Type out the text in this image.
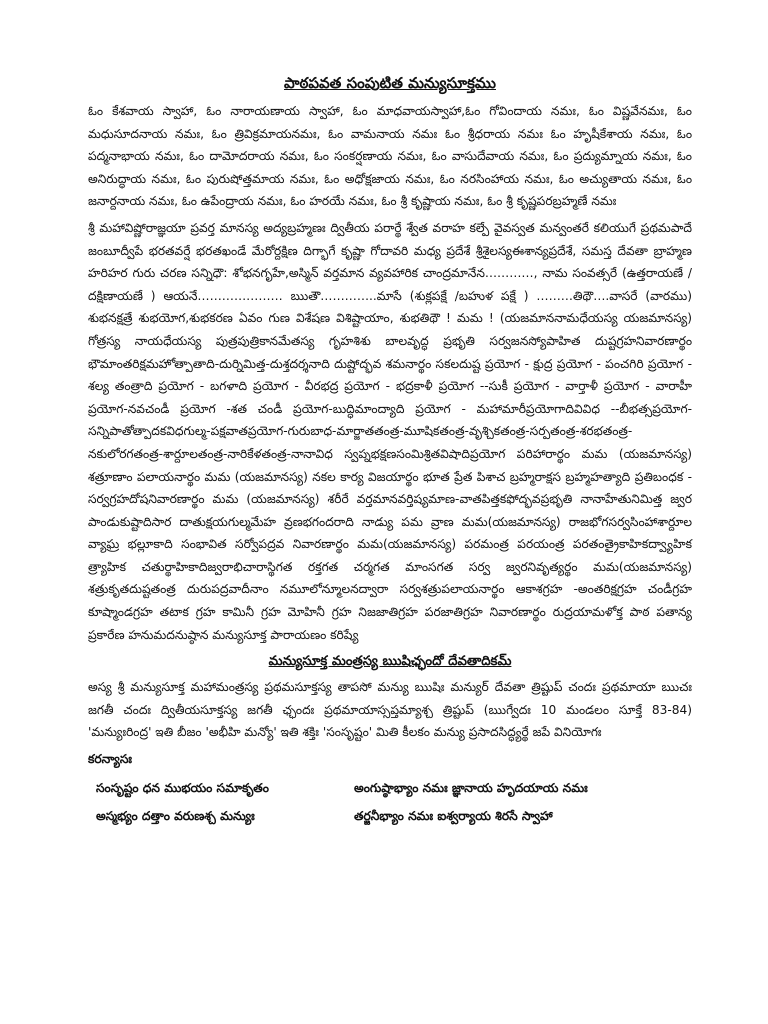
పాఠపవత సంపుటిత మన్యుసూక్తము

ఓం కేశవాయ స్వాహా, ఓం నారాయణాయ స్వాహా, ఓం మాధవాయస్వాహా,ఓం గోవిందాయ నమః, ఓం విష్ణవేనమః, ఓం మధుసూదనాయ నమః, ఓం త్రివిక్రమాయనమః, ఓం వామనాయ నమః ఓం శ్రీధరాయ నమః ఓం హృషీకేశాయ నమః, ఓం పద్మనాభాయ నమః, ఓం దామోదరాయ నమః, ఓం సంకర్షణాయ నమః, ఓం వాసుదేవాయ నమః, ఓం ప్రద్యుమ్నాయ నమః, ఓం అనిరుద్ధాయ నమః, ఓం పురుషోత్తమాయ నమః, ఓం అధోక్షజాయ నమః, ఓం నరసింహాయ నమః, ఓం అచ్యుతాయ నమః, ఓం జనార్దనాయ నమః, ఓం ఉపేంద్రాయ నమః, ఓం హరయే నమః, ఓం శ్రీ కృష్ణాయ నమః, ఓం శ్రీ కృష్ణపరబ్రహ్మణే నమః

శ్రీ మహావిష్ణోరాజ్ఞయా ప్రవర్త మానస్య అద్యబ్రహ్మణః ద్వితీయ పరార్థే శ్వేత వరాహ కల్పే వైవస్వత మన్వంతరే కలియుగే ప్రథమపాదే జంబూద్వీపే భరతవర్షే భరతఖండే మేరోర్దక్షిణ దిగ్భాగే కృష్ణా గోదావరి మధ్య ప్రదేశే శ్రీశైలస్యఈశాన్యప్రదేశే, సమస్త దేవతా బ్రాహ్మణ హరిహర గురు చరణ సన్నిధౌ: శోభనగృహే,అస్మిన్ వర్తమాన వ్యవహారిక చాంద్రమానేన…………, నామ సంవత్సరే (ఉత్తరాయణే / దక్షిణాయణే ) ఆయనే………………… ఋతౌ…………..మాసే (శుక్లపక్షే /బహుళ పక్షే ) ………తిథౌ….వాసరే (వారము) శుభనక్షత్రే శుభయోగ,శుభకరణ ఏవం గుణ విశేషణ విశిష్టాయాం, శుభతిథౌ ! మమ ! (యజమాననామధేయస్య యజమానస్య) గోత్రస్య నాయధేయస్య పుత్రపుత్రికానమేతస్య గృహశిశు బాలవృద్ధ ప్రభృతి సర్వజనస్యోపాహిత దుష్టగ్రహనివారణార్థం భౌమాంతరిక్షమహోత్పాతాది-దుర్నిమిత్త-దుశ్తదర్శనాది దుష్టోద్భవ శమనార్థం సకలదుష్ట ప్రయోగ - క్షుద్ర ప్రయోగ - పంచగిరి ప్రయోగ - శల్య తంత్రాది ప్రయోగ - బగళాది ప్రయోగ - వీరభద్ర ప్రయోగ - భద్రకాళీ ప్రయోగ --సుకీ ప్రయోగ - వార్తాళీ ప్రయోగ - వారాహీ ప్రయోగ-నవచండీ ప్రయోగ -శత చండీ ప్రయోగ-బుద్ధిమాంద్యాది ప్రయోగ - మహామారీప్రయోగాదివివిధ --బీభత్సప్రయోగ-సన్నిపాతోత్పాదకవిధగుల్మ-పక్షవాతప్రయోగ-గురుబాధ-మార్జాతతంత్ర-మూషికతంత్ర-వృశ్చికతంత్ర-సర్పతంత్ర-శరభతంత్ర-నకులోరగతంత్ర-శార్దూలతంత్ర-నారికేళతంత్ర-నానావిధ స్వప్నభక్షణసంమిశ్రితవిషాదిప్రయోగ పరిహారార్థం మమ (యజమానస్య) శత్రూణాం పలాయనార్థం మమ (యజమానస్య) నకల కార్య విజయార్థం భూత ప్రేత పిశాచ బ్రహ్మరాక్షస బ్రహ్మహత్యాది ప్రతిబంధక - సర్వగ్రహదోషనివారణార్థం మమ (యజమానస్య) శరీరే వర్తమానవర్తిష్యమాణ-వాతపిత్తకఫోద్భవప్రభృతి నానాహేతునిమిత్త జ్వర పాండుకుష్టాదిసార దాతుక్షయగుల్మమేహ వ్రణభగందరాది నాడ్యు పమ వ్రాణ మమ(యజమానస్య) రాజభోగసర్వసింహాశార్దూల వ్యాఘ్ర భల్లూకాది సంభావిత సర్వోపద్రవ నివారణార్థం మమ(యజమానస్య) పరమంత్ర పరయంత్ర పరతంత్రైకాహికద్వ్యాహిక త్ర్యాహిక చతుర్థాహికాదిజ్వరాభిచారాస్థిగత రక్తగత చర్మగత మాంసగత సర్వ జ్వరనివృత్యర్థం మమ(యజమానస్య) శత్రుకృతదుష్టతంత్ర దురుపద్రవాదీనాం నమూలోన్మూలనద్వారా సర్వశత్రుపలాయనార్థం ఆకాశగ్రహ -అంతరిక్షగ్రహ చండీగ్రహ కూష్మాండగ్రహ తటాక గ్రహ కామినీ గ్రహ మోహినీ గ్రహ నిజజాతిగ్రహ పరజాతిగ్రహ నివారణార్థం రుద్రయామళోక్త పాఠ పతాన్య ప్రకారేణ హనుమదనుష్ఠాన మన్యుసూక్త పారాయణం కరిష్యే

మన్యుసూక్త మంత్రస్య ఋషిఛ్ఛందో దేవతాదికమ్

అస్య శ్రీ మన్యుసూక్త మహామంత్రస్య ప్రథమసూక్తస్య తాపసో మన్యు ఋషిః మన్యుర్ దేవతా త్రిష్టుప్ చందః ప్రథమాయా ఋచః జగతీ చందః ద్వితీయసూక్తస్య జగతీ ఛ్ఛందః ప్రథమాయాస్సప్తమ్యాశ్చ త్రిష్టుప్ (ఋగ్వేదః 10 మండలం సూక్తే 83-84) 'మన్యుఃరింద్ర' ఇతి బీజం 'అభీహి మన్యో' ఇతి శక్తిః 'సంసృష్టం' మితి కీలకం మన్యు ప్రసాదసిద్ధ్యర్థే జపే వినియోగః

కరన్యాసః

సంసృష్టం ధన ముభయం సమాకృతం	అంగుష్ఠాభ్యాం నమః జ్ఞానాయ హృదయాయ నమః
అస్మభ్యం దత్తాం వరుణశ్చ మన్యుః	తర్జనీభ్యాం నమః ఐశ్వర్యాయ శిరసే స్వాహా
